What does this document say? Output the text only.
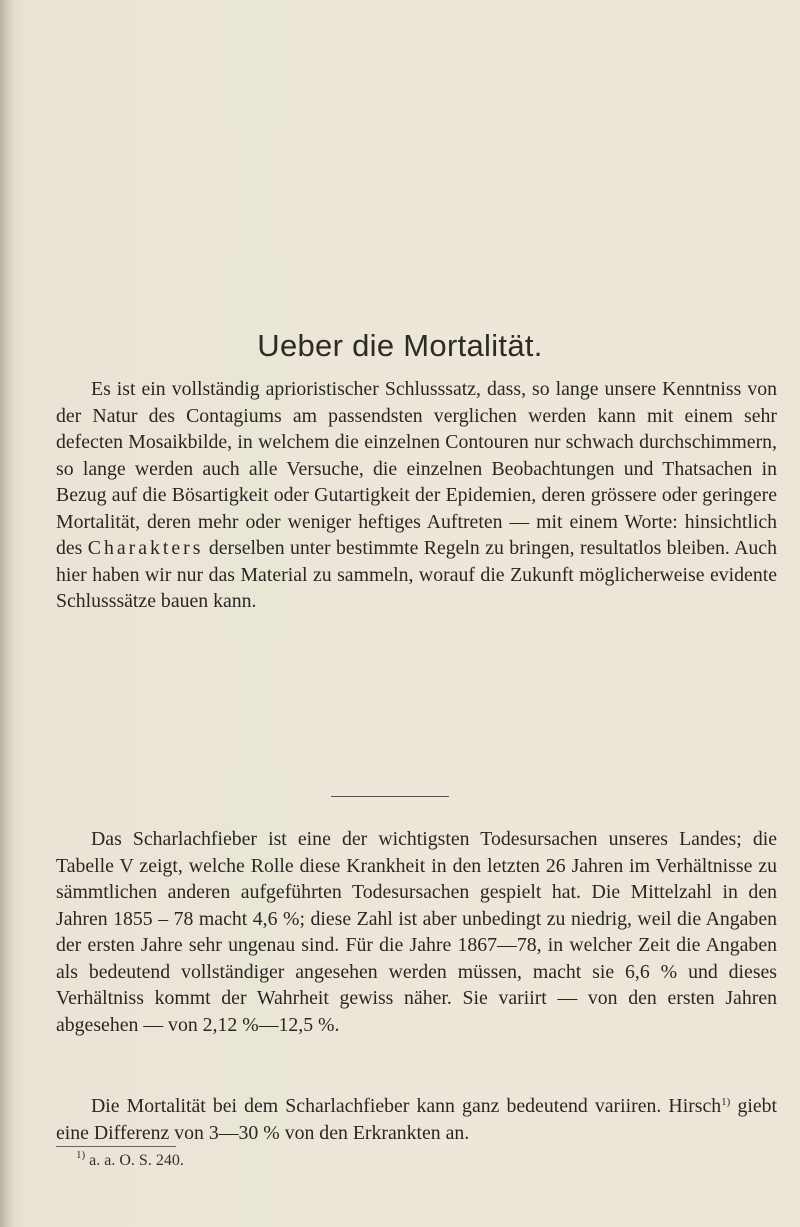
Ueber die Mortalität.

Es ist ein vollständig aprioristischer Schlusssatz, dass, so lange unsere Kenntniss von der Natur des Contagiums am passendsten verglichen werden kann mit einem sehr defecten Mosaikbilde, in welchem die einzelnen Contouren nur schwach durchschimmern, so lange werden auch alle Versuche, die einzelnen Beobachtungen und Thatsachen in Bezug auf die Bösartigkeit oder Gutartigkeit der Epidemien, deren grössere oder geringere Mortalität, deren mehr oder weniger heftiges Auftreten — mit einem Worte: hinsichtlich des Charakters derselben unter bestimmte Regeln zu bringen, resultatlos bleiben. Auch hier haben wir nur das Material zu sammeln, worauf die Zukunft möglicherweise evidente Schlusssätze bauen kann.

Das Scharlachfieber ist eine der wichtigsten Todesursachen unseres Landes; die Tabelle V zeigt, welche Rolle diese Krankheit in den letzten 26 Jahren im Verhältnisse zu sämmtlichen anderen aufgeführten Todesursachen gespielt hat. Die Mittelzahl in den Jahren 1855 – 78 macht 4,6 %; diese Zahl ist aber unbedingt zu niedrig, weil die Angaben der ersten Jahre sehr ungenau sind. Für die Jahre 1867—78, in welcher Zeit die Angaben als bedeutend vollständiger angesehen werden müssen, macht sie 6,6 % und dieses Verhältniss kommt der Wahrheit gewiss näher. Sie variirt — von den ersten Jahren abgesehen — von 2,12 %—12,5 %.

Die Mortalität bei dem Scharlachfieber kann ganz bedeutend variiren. Hirsch$^{1)}$ giebt eine Differenz von 3—30 % von den Erkrankten an.

$^{1)}$ a. a. O. S. 240.
